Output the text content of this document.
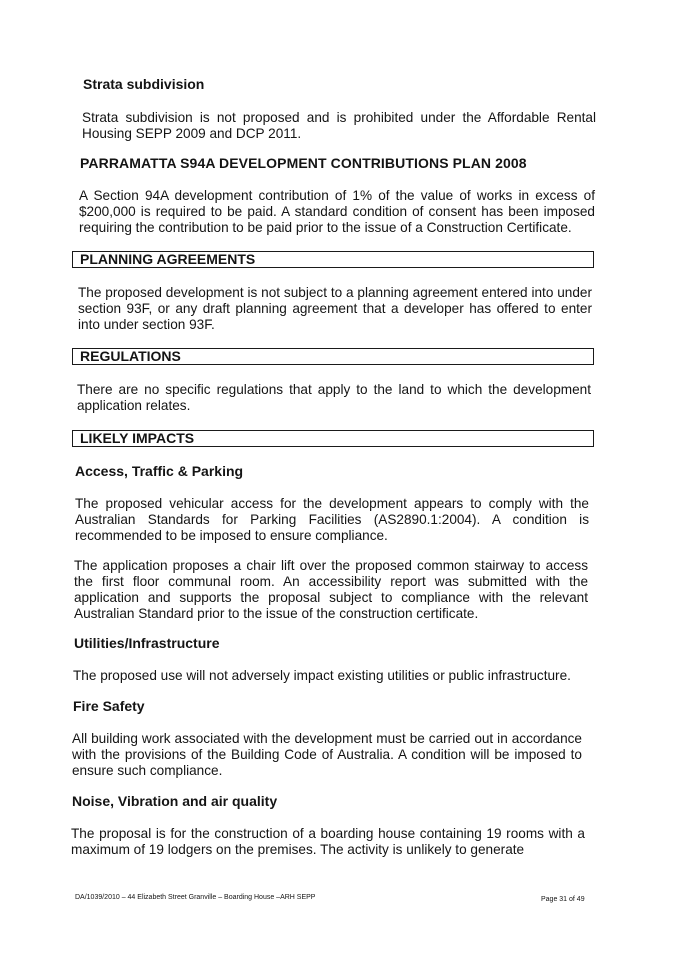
Strata subdivision

Strata subdivision is not proposed and is prohibited under the Affordable Rental Housing SEPP 2009 and DCP 2011.

PARRAMATTA S94A DEVELOPMENT CONTRIBUTIONS PLAN 2008

A Section 94A development contribution of 1% of the value of works in excess of $200,000 is required to be paid. A standard condition of consent has been imposed requiring the contribution to be paid prior to the issue of a Construction Certificate.

PLANNING AGREEMENTS

The proposed development is not subject to a planning agreement entered into under section 93F, or any draft planning agreement that a developer has offered to enter into under section 93F.

REGULATIONS

There are no specific regulations that apply to the land to which the development application relates.

LIKELY IMPACTS
Access, Traffic & Parking

The proposed vehicular access for the development appears to comply with the Australian Standards for Parking Facilities (AS2890.1:2004). A condition is recommended to be imposed to ensure compliance.

The application proposes a chair lift over the proposed common stairway to access the first floor communal room. An accessibility report was submitted with the application and supports the proposal subject to compliance with the relevant Australian Standard prior to the issue of the construction certificate.

Utilities/Infrastructure

The proposed use will not adversely impact existing utilities or public infrastructure.

Fire Safety

All building work associated with the development must be carried out in accordance with the provisions of the Building Code of Australia. A condition will be imposed to ensure such compliance.

Noise, Vibration and air quality

The proposal is for the construction of a boarding house containing 19 rooms with a maximum of 19 lodgers on the premises. The activity is unlikely to generate

DA/1039/2010 – 44 Elizabeth Street Granville – Boarding House –ARH SEPP	Page 31 of 49
